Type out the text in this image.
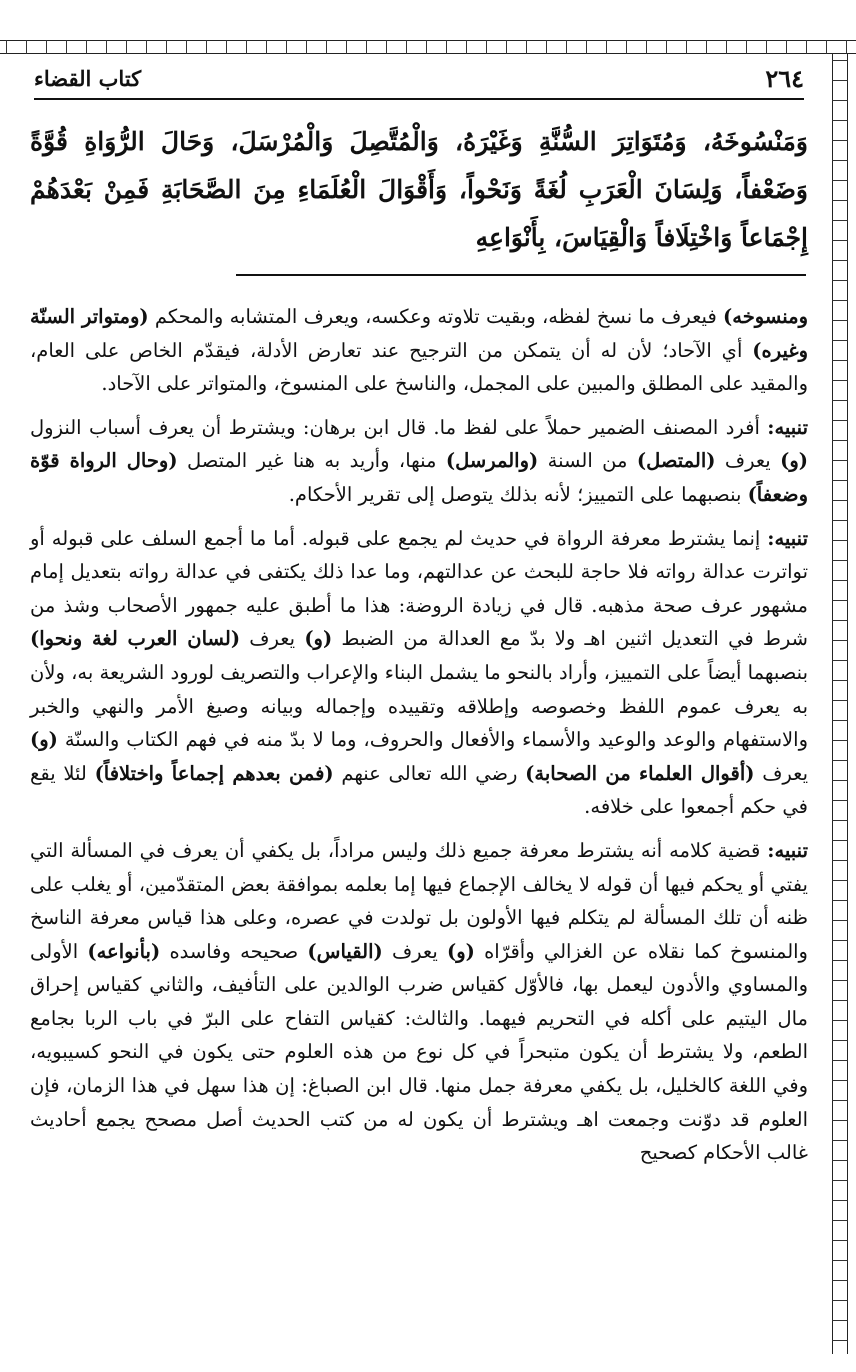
٢٦٤
كتاب القضاء
وَمَنْسُوخَهُ، وَمُتَوَاتِرَ السُّنَّةِ وَغَيْرَهُ، وَالْمُتَّصِلَ وَالْمُرْسَلَ، وَحَالَ الرُّوَاةِ قُوَّةً وَضَعْفاً، وَلِسَانَ الْعَرَبِ لُغَةً وَنَحْواً، وَأَقْوَالَ الْعُلَمَاءِ مِنَ الصَّحَابَةِ فَمِنْ بَعْدَهُمْ إِجْمَاعاً وَاخْتِلَافاً وَالْقِيَاسَ، بِأَنْوَاعِهِ

ومنسوخه) فيعرف ما نسخ لفظه، وبقيت تلاوته وعكسه، ويعرف المتشابه والمحكم (ومتواتر السنّة وغيره) أي الآحاد؛ لأن له أن يتمكن من الترجيح عند تعارض الأدلة، فيقدّم الخاص على العام، والمقيد على المطلق والمبين على المجمل، والناسخ على المنسوخ، والمتواتر على الآحاد.

تنبيه: أفرد المصنف الضمير حملاً على لفظ ما. قال ابن برهان: ويشترط أن يعرف أسباب النزول (و) يعرف (المتصل) من السنة (والمرسل) منها، وأريد به هنا غير المتصل (وحال الرواة قوّة وضعفاً) بنصبهما على التمييز؛ لأنه بذلك يتوصل إلى تقرير الأحكام.

تنبيه: إنما يشترط معرفة الرواة في حديث لم يجمع على قبوله. أما ما أجمع السلف على قبوله أو تواترت عدالة رواته فلا حاجة للبحث عن عدالتهم، وما عدا ذلك يكتفى في عدالة رواته بتعديل إمام مشهور عرف صحة مذهبه. قال في زيادة الروضة: هذا ما أطبق عليه جمهور الأصحاب وشذ من شرط في التعديل اثنين اهـ ولا بدّ مع العدالة من الضبط (و) يعرف (لسان العرب لغة ونحوا) بنصبهما أيضاً على التمييز، وأراد بالنحو ما يشمل البناء والإعراب والتصريف لورود الشريعة به، ولأن به يعرف عموم اللفظ وخصوصه وإطلاقه وتقييده وإجماله وبيانه وصيغ الأمر والنهي والخبر والاستفهام والوعد والوعيد والأسماء والأفعال والحروف، وما لا بدّ منه في فهم الكتاب والسنّة (و) يعرف (أقوال العلماء من الصحابة) رضي الله تعالى عنهم (فمن بعدهم إجماعاً واختلافاً) لئلا يقع في حكم أجمعوا على خلافه.

تنبيه: قضية كلامه أنه يشترط معرفة جميع ذلك وليس مراداً، بل يكفي أن يعرف في المسألة التي يفتي أو يحكم فيها أن قوله لا يخالف الإجماع فيها إما بعلمه بموافقة بعض المتقدّمين، أو يغلب على ظنه أن تلك المسألة لم يتكلم فيها الأولون بل تولدت في عصره، وعلى هذا قياس معرفة الناسخ والمنسوخ كما نقلاه عن الغزالي وأقرّاه (و) يعرف (القياس) صحيحه وفاسده (بأنواعه) الأولى والمساوي والأدون ليعمل بها، فالأوّل كقياس ضرب الوالدين على التأفيف، والثاني كقياس إحراق مال اليتيم على أكله في التحريم فيهما. والثالث: كقياس التفاح على البرّ في باب الربا بجامع الطعم، ولا يشترط أن يكون متبحراً في كل نوع من هذه العلوم حتى يكون في النحو كسيبويه، وفي اللغة كالخليل، بل يكفي معرفة جمل منها. قال ابن الصباغ: إن هذا سهل في هذا الزمان، فإن العلوم قد دوّنت وجمعت اهـ ويشترط أن يكون له من كتب الحديث أصل مصحح يجمع أحاديث غالب الأحكام كصحيح
